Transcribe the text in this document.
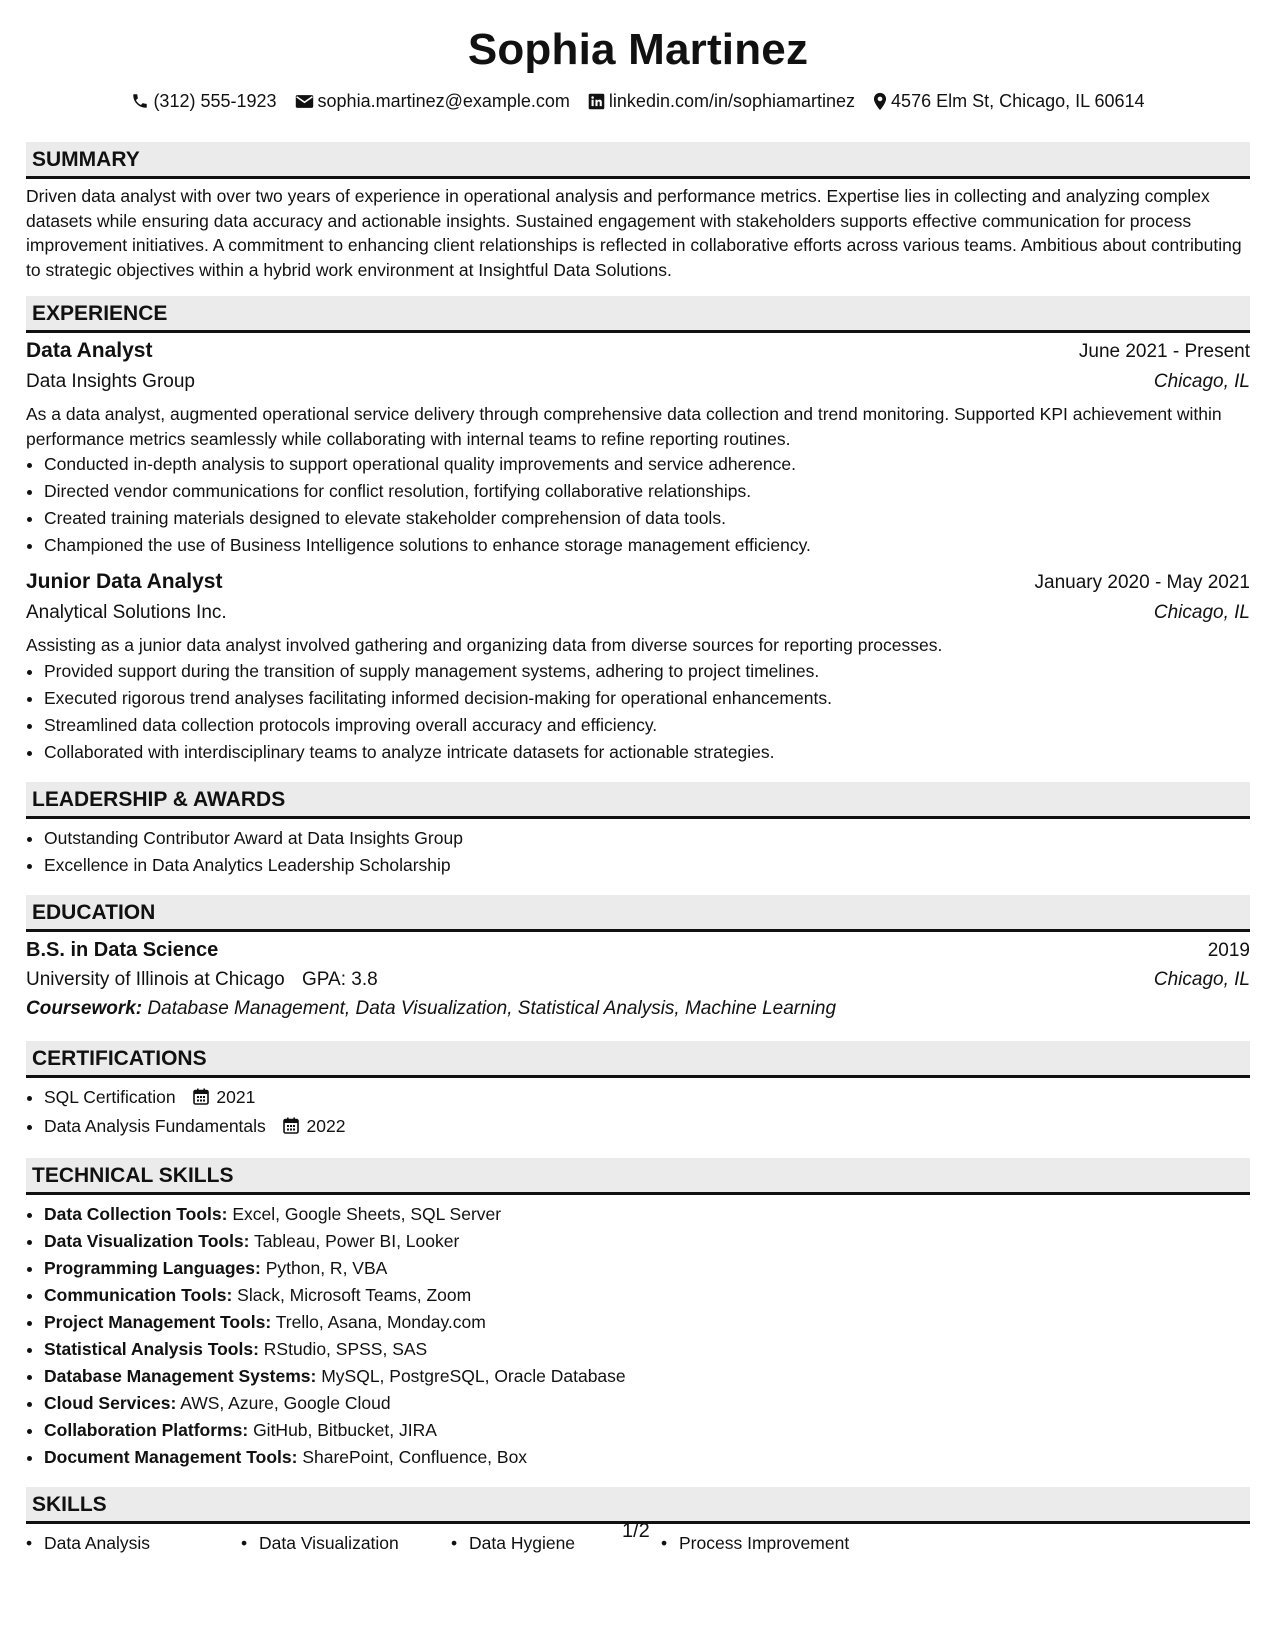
Sophia Martinez
(312) 555-1923 sophia.martinez@example.com linkedin.com/in/sophiamartinez 4576 Elm St, Chicago, IL 60614
SUMMARY

Driven data analyst with over two years of experience in operational analysis and performance metrics. Expertise lies in collecting and analyzing complex datasets while ensuring data accuracy and actionable insights. Sustained engagement with stakeholders supports effective communication for process improvement initiatives. A commitment to enhancing client relationships is reflected in collaborative efforts across various teams. Ambitious about contributing to strategic objectives within a hybrid work environment at Insightful Data Solutions.

EXPERIENCE
Data Analyst	June 2021 - Present
Data Insights Group	Chicago, IL
As a data analyst, augmented operational service delivery through comprehensive data collection and trend monitoring. Supported KPI achievement within performance metrics seamlessly while collaborating with internal teams to refine reporting routines.
• Conducted in-depth analysis to support operational quality improvements and service adherence.
• Directed vendor communications for conflict resolution, fortifying collaborative relationships.
• Created training materials designed to elevate stakeholder comprehension of data tools.
• Championed the use of Business Intelligence solutions to enhance storage management efficiency.
Junior Data Analyst	January 2020 - May 2021
Analytical Solutions Inc.	Chicago, IL
Assisting as a junior data analyst involved gathering and organizing data from diverse sources for reporting processes.
• Provided support during the transition of supply management systems, adhering to project timelines.
• Executed rigorous trend analyses facilitating informed decision-making for operational enhancements.
• Streamlined data collection protocols improving overall accuracy and efficiency.
• Collaborated with interdisciplinary teams to analyze intricate datasets for actionable strategies.
LEADERSHIP & AWARDS
• Outstanding Contributor Award at Data Insights Group
• Excellence in Data Analytics Leadership Scholarship
EDUCATION
B.S. in Data Science	2019
University of Illinois at Chicago GPA: 3.8	Chicago, IL
Coursework: Database Management, Data Visualization, Statistical Analysis, Machine Learning
CERTIFICATIONS
• SQL Certification 2021
• Data Analysis Fundamentals 2022
TECHNICAL SKILLS
• Data Collection Tools: Excel, Google Sheets, SQL Server
• Data Visualization Tools: Tableau, Power BI, Looker
• Programming Languages: Python, R, VBA
• Communication Tools: Slack, Microsoft Teams, Zoom
• Project Management Tools: Trello, Asana, Monday.com
• Statistical Analysis Tools: RStudio, SPSS, SAS
• Database Management Systems: MySQL, PostgreSQL, Oracle Database
• Cloud Services: AWS, Azure, Google Cloud
• Collaboration Platforms: GitHub, Bitbucket, JIRA
• Document Management Tools: SharePoint, Confluence, Box
SKILLS
• Data Analysis	• Data Visualization	• Data Hygiene	• Process Improvement
1/2
